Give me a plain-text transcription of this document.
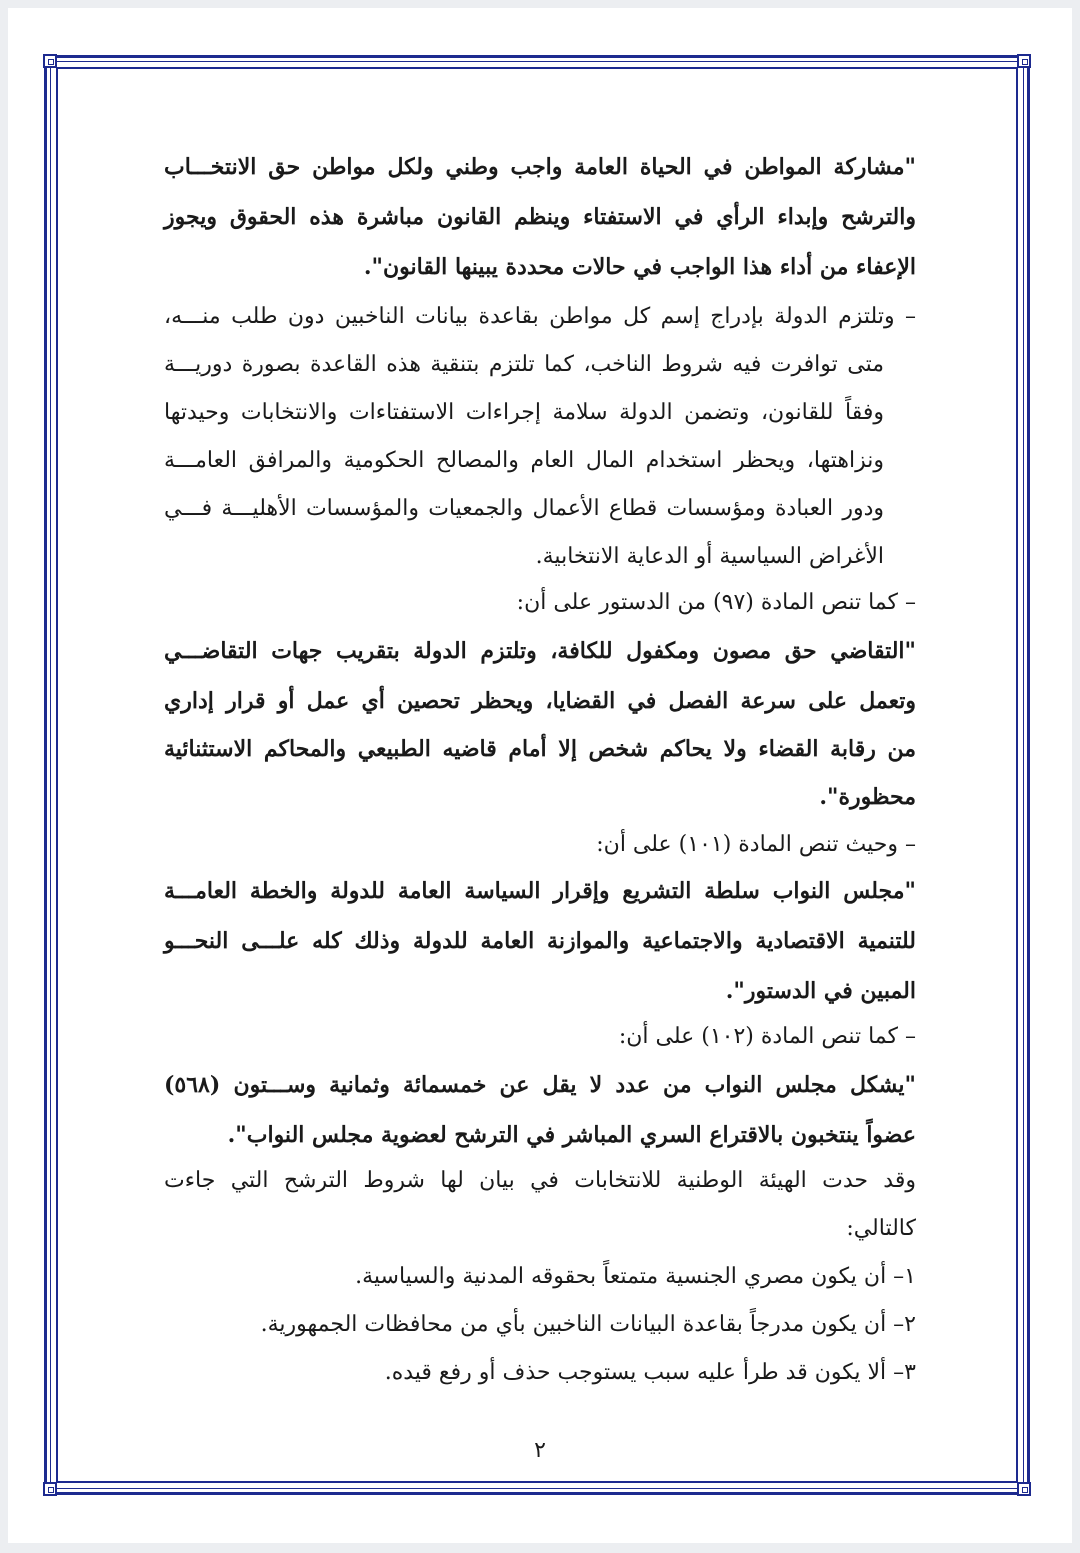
"مشاركة المواطن في الحياة العامة واجب وطني ولكل مواطن حق الانتخـــاب
والترشح وإبداء الرأي في الاستفتاء وينظم القانون مباشرة هذه الحقوق ويجوز
الإعفاء من أداء هذا الواجب في حالات محددة يبينها القانون".
– وتلتزم الدولة بإدراج إسم كل مواطن بقاعدة بيانات الناخبين دون طلب منـــه،
متى توافرت فيه شروط الناخب، كما تلتزم بتنقية هذه القاعدة بصورة دوريـــة
وفقاً للقانون، وتضمن الدولة سلامة إجراءات الاستفتاءات والانتخابات وحيدتها
ونزاهتها، ويحظر استخدام المال العام والمصالح الحكومية والمرافق العامـــة
ودور العبادة ومؤسسات قطاع الأعمال والجمعيات والمؤسسات الأهليـــة فـــي
الأغراض السياسية أو الدعاية الانتخابية.
– كما تنص المادة (٩٧) من الدستور على أن:
"التقاضي حق مصون ومكفول للكافة، وتلتزم الدولة بتقريب جهات التقاضـــي
وتعمل على سرعة الفصل في القضايا، ويحظر تحصين أي عمل أو قرار إداري
من رقابة القضاء ولا يحاكم شخص إلا أمام قاضيه الطبيعي والمحاكم الاستثنائية
محظورة".
– وحيث تنص المادة (١٠١) على أن:
"مجلس النواب سلطة التشريع وإقرار السياسة العامة للدولة والخطة العامـــة
للتنمية الاقتصادية والاجتماعية والموازنة العامة للدولة وذلك كله علـــى النحـــو
المبين في الدستور".
– كما تنص المادة (١٠٢) على أن:
"يشكل مجلس النواب من عدد لا يقل عن خمسمائة وثمانية وســـتون (٥٦٨)
عضواً ينتخبون بالاقتراع السري المباشر في الترشح لعضوية مجلس النواب".
وقد حدت الهيئة الوطنية للانتخابات في بيان لها شروط الترشح التي جاءت
كالتالي:
١– أن يكون مصري الجنسية متمتعاً بحقوقه المدنية والسياسية.
٢– أن يكون مدرجاً بقاعدة البيانات الناخبين بأي من محافظات الجمهورية.
٣– ألا يكون قد طرأ عليه سبب يستوجب حذف أو رفع قيده.
٢
